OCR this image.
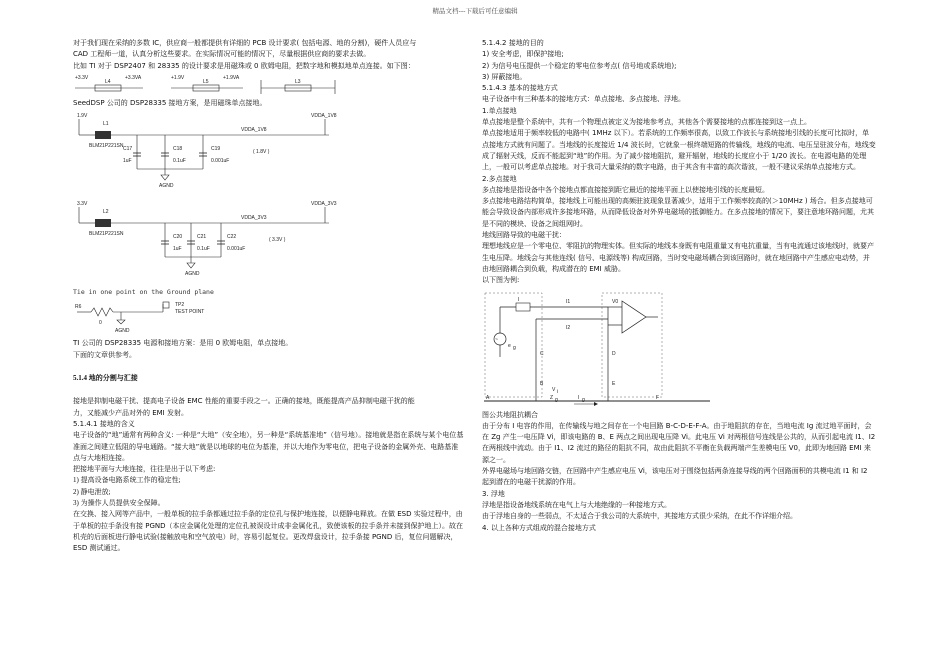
精品文档---下载后可任意编辑

对于我们现在采纳的多数 IC，供应商一般都提供有详细的 PCB 设计要求( 包括电源、地的分割)，硬件人员应与

CAD 工程师一道，认真分析这些要求。在实际情况可能的情况下，尽量根据供应商的要求去做。

比如 TI 对于 DSP2407 和 28335 的设计要求是用磁珠或 0 欧姆电阻，把数字地和模拟地单点连接。如下图：

+3.3V
L4
+3.3VA	+1.9V
L5
+1.9VA
L3

SeedDSP 公司的 DSP28335 接地方案，是用磁珠单点接地。

1.9V
L1
BLM21P221SN
VDDA_1V8
VDDA_1V8
C17
1uF
C18
0.1uF
C19
0.001uF
( 1.8V )
AGND
3.3V
L2
BLM21P221SN
VDDA_3V3
VDDA_3V3
C20
1uF
C21
0.1uF
C22
0.001uF
( 3.3V )
AGND

Tie in one point on the Ground plane

R6
0
AGND
TP2
TEST POINT

TI 公司的 DSP28335 电源和接地方案：是用 0 欧姆电阻，单点接地。

下面的文章供参考。

5.1.4 地的分割与汇接

接地是抑制电磁干扰、提高电子设备 EMC 性能的重要手段之一。正确的接地，既能提高产品抑制电磁干扰的能

力，又能减少产品对外的 EMI 发射。

5.1.4.1 接地的含义

电子设备的“地”通常有两种含义: 一种是“大地”（安全地），另一种是“系统基准地”（信号地）。接地就是指在系统与某个电位基准面之间建立低阻的导电通路。“接大地”就是以地球的电位为基准，并以大地作为零电位，把电子设备的金属外壳、电路基准点与大地相连接。

把接地平面与大地连接，往往是出于以下考虑:

1) 提高设备电路系统工作的稳定性;

2) 静电泄放;

3) 为操作人员提供安全保障。

在交换、接入网等产品中，一般单板的拉手条都通过拉手条的定位孔与保护地连接，以便静电释放。在做 ESD 实验过程中，由于单板的拉手条没有接 PGND（本应金属化处理的定位孔被误设计成非金属化孔，致使该板的拉手条并未接到保护地上）。故在机壳的后面板进行静电试验(接触放电和空气放电）时，容易引起复位。更改焊盘设计，拉手条接 PGND 后，复位问题解决，ESD 测试通过。

5.1.4.2 接地的目的

1) 安全考虑，即保护接地;

2) 为信号电压提供一个稳定的零电位参考点( 信号地或系统地);

3) 屏蔽接地。

5.1.4.3 基本的接地方式

电子设备中有三种基本的接地方式：单点接地、多点接地、浮地。

1.单点接地

单点接地是整个系统中，共有一个物理点被定义为接地参考点，其他各个需要接地的点都连接到这一点上。

单点接地适用于频率较低的电路中( 1MHz 以下）。若系统的工作频率很高，以致工作波长与系统接地引线的长度可比拟时，单点接地方式就有问题了。当地线的长度接近 1/4 波长时，它就象一根终端短路的传输线，地线的电流、电压呈驻波分布，地线变成了辐射天线，反而不能起到“地”的作用。为了减少接地阻抗，避开辐射，地线的长度应小于 1/20 波长。在电源电路的处理上，一般可以考虑单点接地。对于我司大量采纳的数字电路，由于其含有丰富的高次谐波，一般不建议采纳单点接地方式。

2.多点接地

多点接地是指设备中各个接地点都直接接到距它最近的接地平面上以使接地引线的长度最短。

多点接地电路结构简单，接地线上可能出现的高频驻波现象显著减少，适用于工作频率较高的(＞10MHz ) 场合。但多点接地可能会导致设备内部形成许多接地环路，从而降低设备对外界电磁场的抵御能力。在多点接地的情况下，要注意地环路问题，尤其是不同的模块、设备之间组网时。

地线回路导致的电磁干扰：

理想地线应是一个零电位、零阻抗的物理实体。但实际的地线本身既有电阻重量又有电抗重量，当有电流通过该地线时，就要产生电压降。地线会与其他连线( 信号、电源线等) 构成回路，当时变电磁场耦合到该回路时，就在地回路中产生感应电动势，并由地回路耦合到负载，构成潜在的 EMI 威胁。

以下图为例:

I	I1
I2
~
e g
C
B
D
E
V0
A	F
V i
Z g	I g

图公共地阻抗耦合

由于分布 I 电容的作用，在传输线与地之间存在一个电回路 B-C-D-E-F-A。由于地阻抗的存在，当地电流 Ig 流过地平面时，会在 Zg 产生一电压降 Vi，即该电路的 B、E 两点之间出现电压降 Vi。此电压 Vi 对两根信号连线是公共的，从而引起电流 I1、I2 在两根线中流动。由于 I1、I2 流过的路径的阻抗不同，故由此阻抗不平衡在负载两端产生差模电压 V0，此即为地回路 EMI 来源之一。

外界电磁场与地回路交链，在回路中产生感应电压 Vi，该电压对于围绕包括两条连接导线的两个回路面积的共模电流 I1 和 I2 起到潜在的电磁干扰源的作用。

3. 浮地

浮地是指设备地线系统在电气上与大地绝缘的一种接地方式。

由于浮地自身的一些弱点，不太适合于我公司的大系统中，其接地方式很少采纳，在此不作详细介绍。

4. 以上各种方式组成的混合接地方式
